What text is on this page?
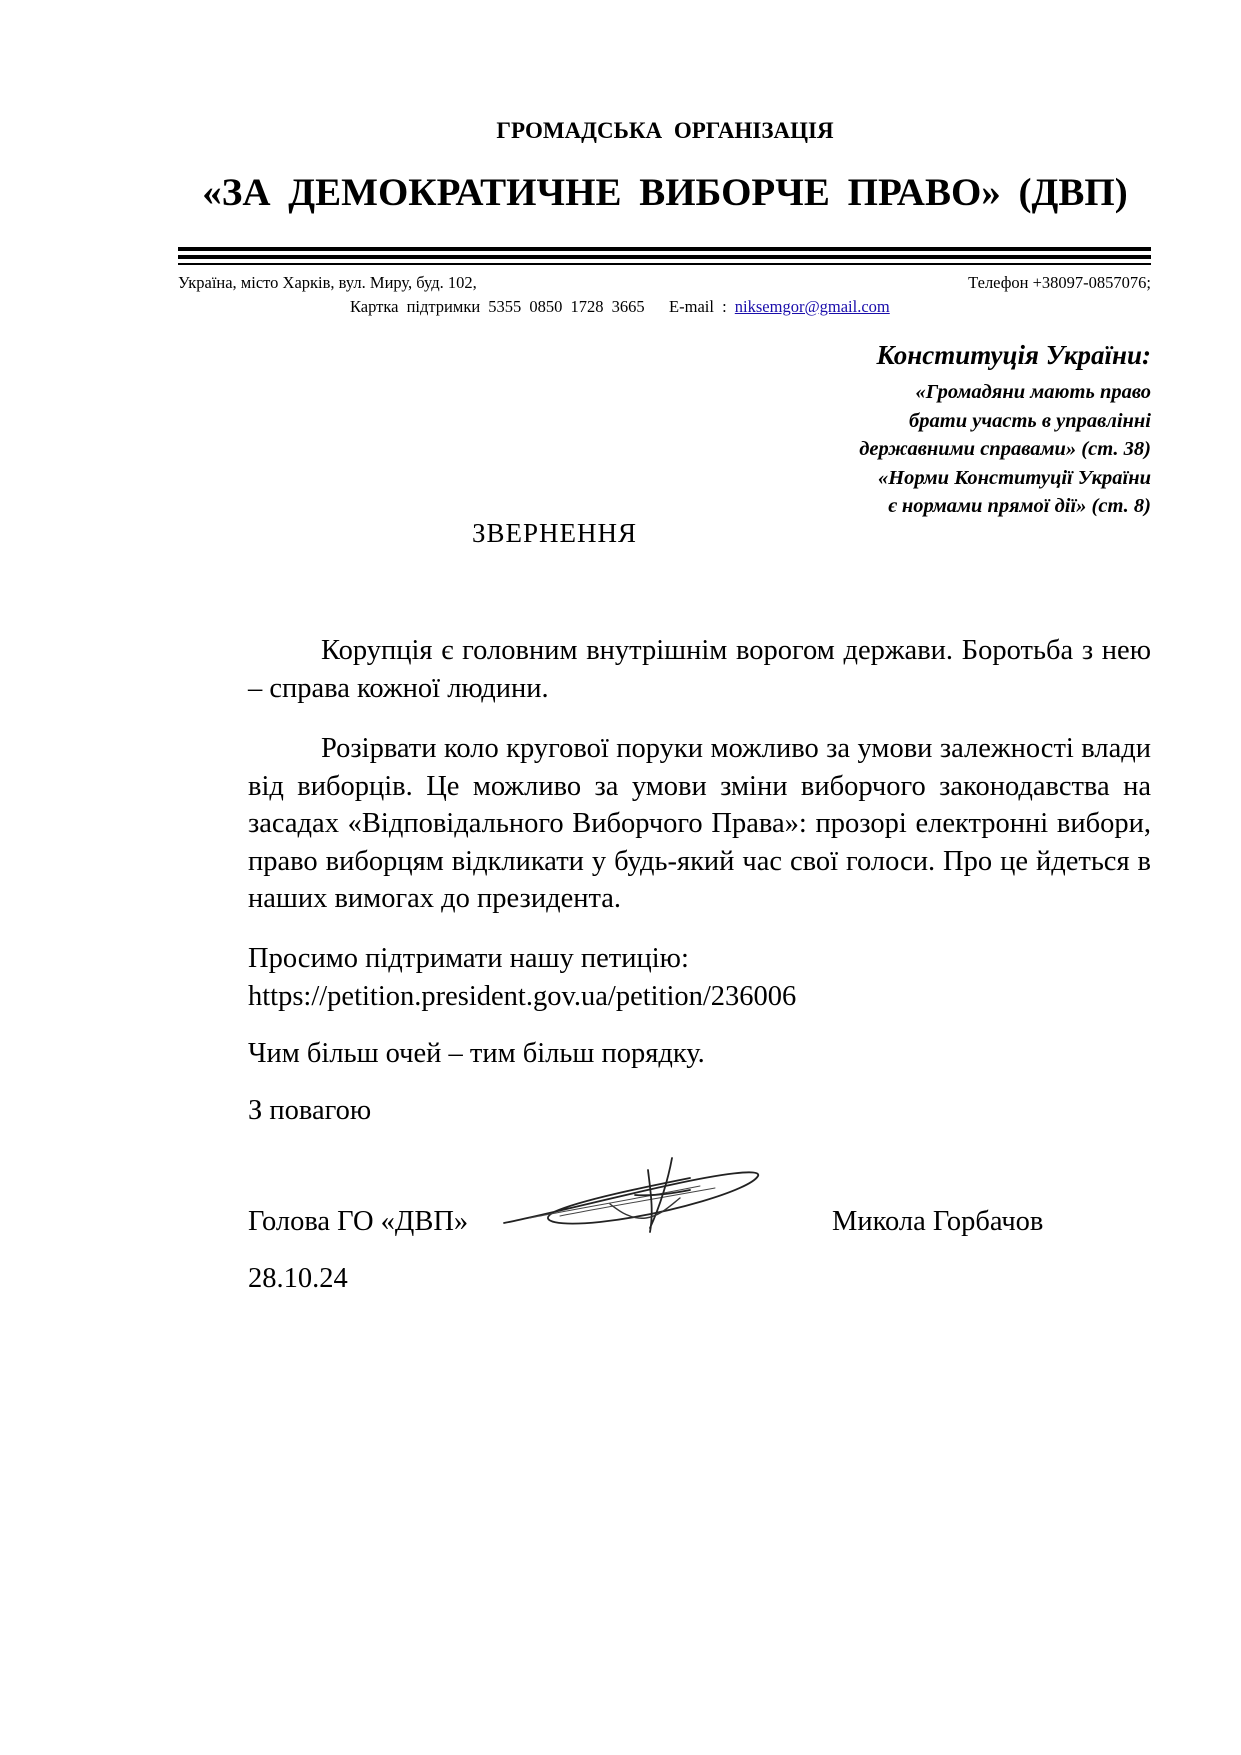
ГРОМАДСЬКА ОРГАНІЗАЦІЯ
«ЗА ДЕМОКРАТИЧНЕ ВИБОРЧЕ ПРАВО» (ДВП)
Україна, місто Харків, вул. Миру, буд. 102,	Телефон +38097-0857076;
Картка підтримки 5355 0850 1728 3665 E-mail : niksemgor@gmail.com
Конституція України:
«Громадяни мають право
брати участь в управлінні
державними справами» (ст. 38)
«Норми Конституції України
є нормами прямої дії» (ст. 8)
ЗВЕРНЕННЯ

Корупція є головним внутрішнім ворогом держави. Боротьба з нею – справа кожної людини.

Розірвати коло кругової поруки можливо за умови залежності влади від виборців. Це можливо за умови зміни виборчого законодавства на засадах «Відповідального Виборчого Права»: прозорі електронні вибори, право виборцям відкликати у будь-який час свої голоси. Про це йдеться в наших вимогах до президента.

Просимо підтримати нашу петицію:
https://petition.president.gov.ua/petition/236006
Чим більш очей – тим більш порядку.
З повагою
Голова ГО «ДВП»	Микола Горбачов
28.10.24
